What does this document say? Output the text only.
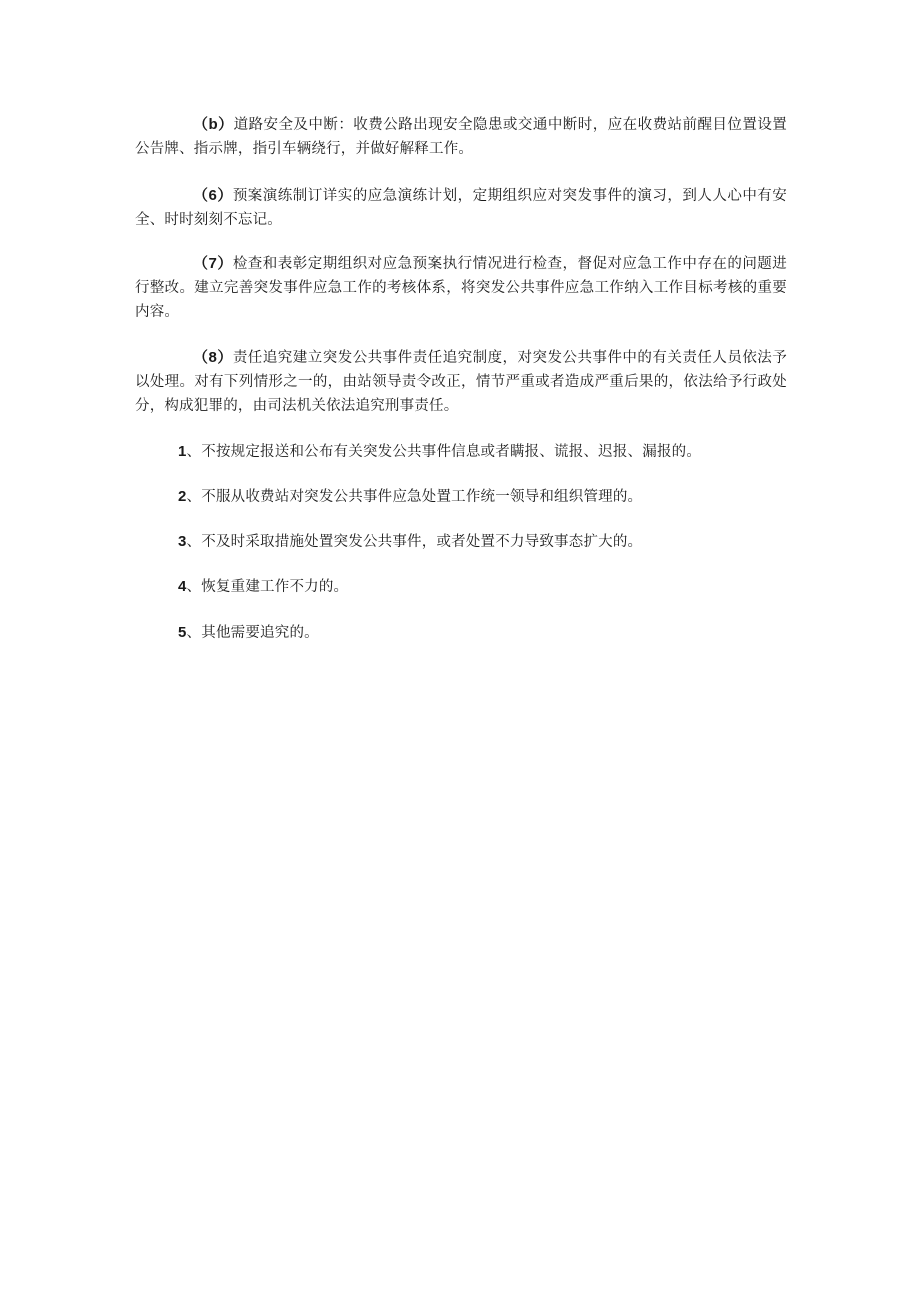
（b）道路安全及中断：收费公路出现安全隐患或交通中断时，应在收费站前醒目位置设置公告牌、指示牌，指引车辆绕行，并做好解释工作。

（6）预案演练制订详实的应急演练计划，定期组织应对突发事件的演习，到人人心中有安全、时时刻刻不忘记。

（7）检查和表彰定期组织对应急预案执行情况进行检查，督促对应急工作中存在的问题进行整改。建立完善突发事件应急工作的考核体系，将突发公共事件应急工作纳入工作目标考核的重要内容。

（8）责任追究建立突发公共事件责任追究制度，对突发公共事件中的有关责任人员依法予以处理。对有下列情形之一的，由站领导责令改正，情节严重或者造成严重后果的，依法给予行政处分，构成犯罪的，由司法机关依法追究刑事责任。

1、不按规定报送和公布有关突发公共事件信息或者瞒报、谎报、迟报、漏报的。

2、不服从收费站对突发公共事件应急处置工作统一领导和组织管理的。

3、不及时采取措施处置突发公共事件，或者处置不力导致事态扩大的。

4、恢复重建工作不力的。

5、其他需要追究的。
